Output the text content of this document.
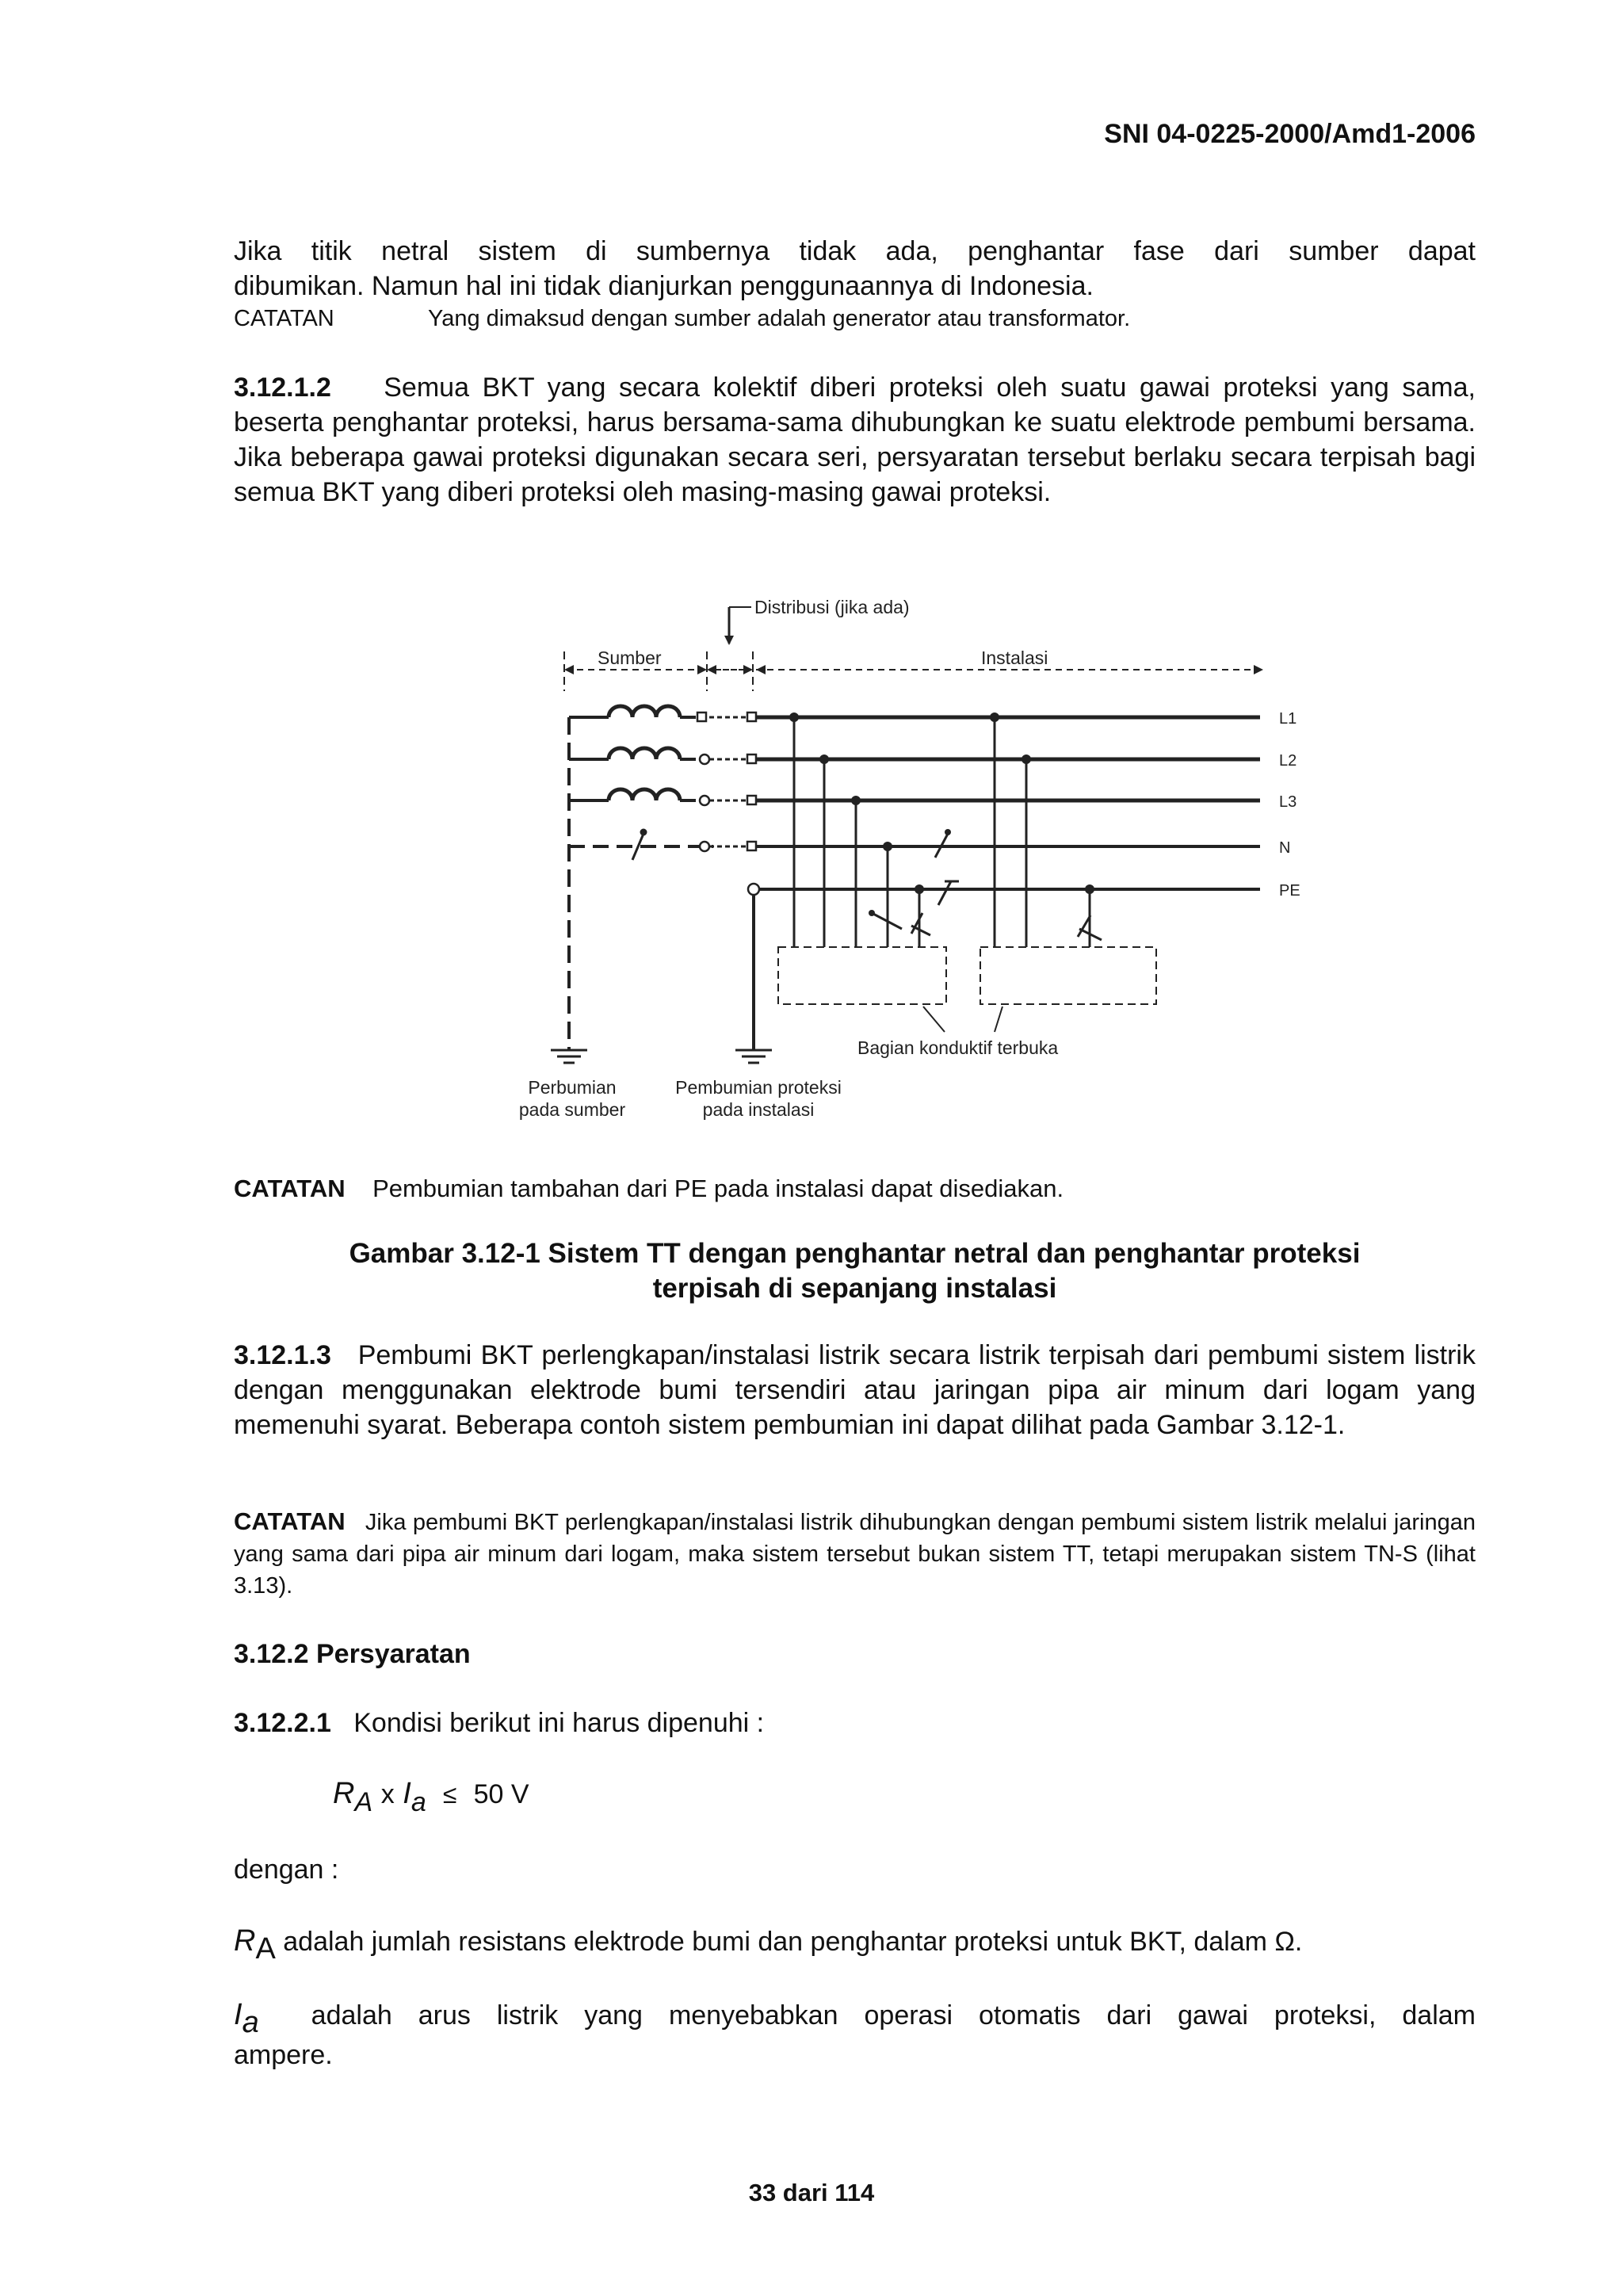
SNI 04-0225-2000/Amd1-2006

Jika titik netral sistem di sumbernya tidak ada, penghantar fase dari sumber dapat

dibumikan. Namun hal ini tidak dianjurkan penggunaannya di Indonesia.

CATATAN	Yang dimaksud dengan sumber adalah generator atau transformator.

3.12.1.2 Semua BKT yang secara kolektif diberi proteksi oleh suatu gawai proteksi yang sama, beserta penghantar proteksi, harus bersama-sama dihubungkan ke suatu elektrode pembumi bersama. Jika beberapa gawai proteksi digunakan secara seri, persyaratan tersebut berlaku secara terpisah bagi semua BKT yang diberi proteksi oleh masing-masing gawai proteksi.

Distribusi (jika ada)
Sumber	Instalasi
L1
L2
L3
N
PE
Bagian konduktif terbuka
Perbumian
pada sumber
Pembumian proteksi
pada instalasi
CATATAN Pembumian tambahan dari PE pada instalasi dapat disediakan.
Gambar 3.12-1 Sistem TT dengan penghantar netral dan penghantar proteksi
terpisah di sepanjang instalasi

3.12.1.3 Pembumi BKT perlengkapan/instalasi listrik secara listrik terpisah dari pembumi sistem listrik dengan menggunakan elektrode bumi tersendiri atau jaringan pipa air minum dari logam yang memenuhi syarat. Beberapa contoh sistem pembumian ini dapat dilihat pada Gambar 3.12-1.

CATATAN Jika pembumi BKT perlengkapan/instalasi listrik dihubungkan dengan pembumi sistem listrik melalui jaringan yang sama dari pipa air minum dari logam, maka sistem tersebut bukan sistem TT, tetapi merupakan sistem TN-S (lihat 3.13).

3.12.2 Persyaratan
3.12.2.1 Kondisi berikut ini harus dipenuhi :
RA x Ia ≤ 50 V
dengan :
RA adalah jumlah resistans elektrode bumi dan penghantar proteksi untuk BKT, dalam Ω.

Ia adalah arus listrik yang menyebabkan operasi otomatis dari gawai proteksi, dalam

ampere.
33 dari 114
